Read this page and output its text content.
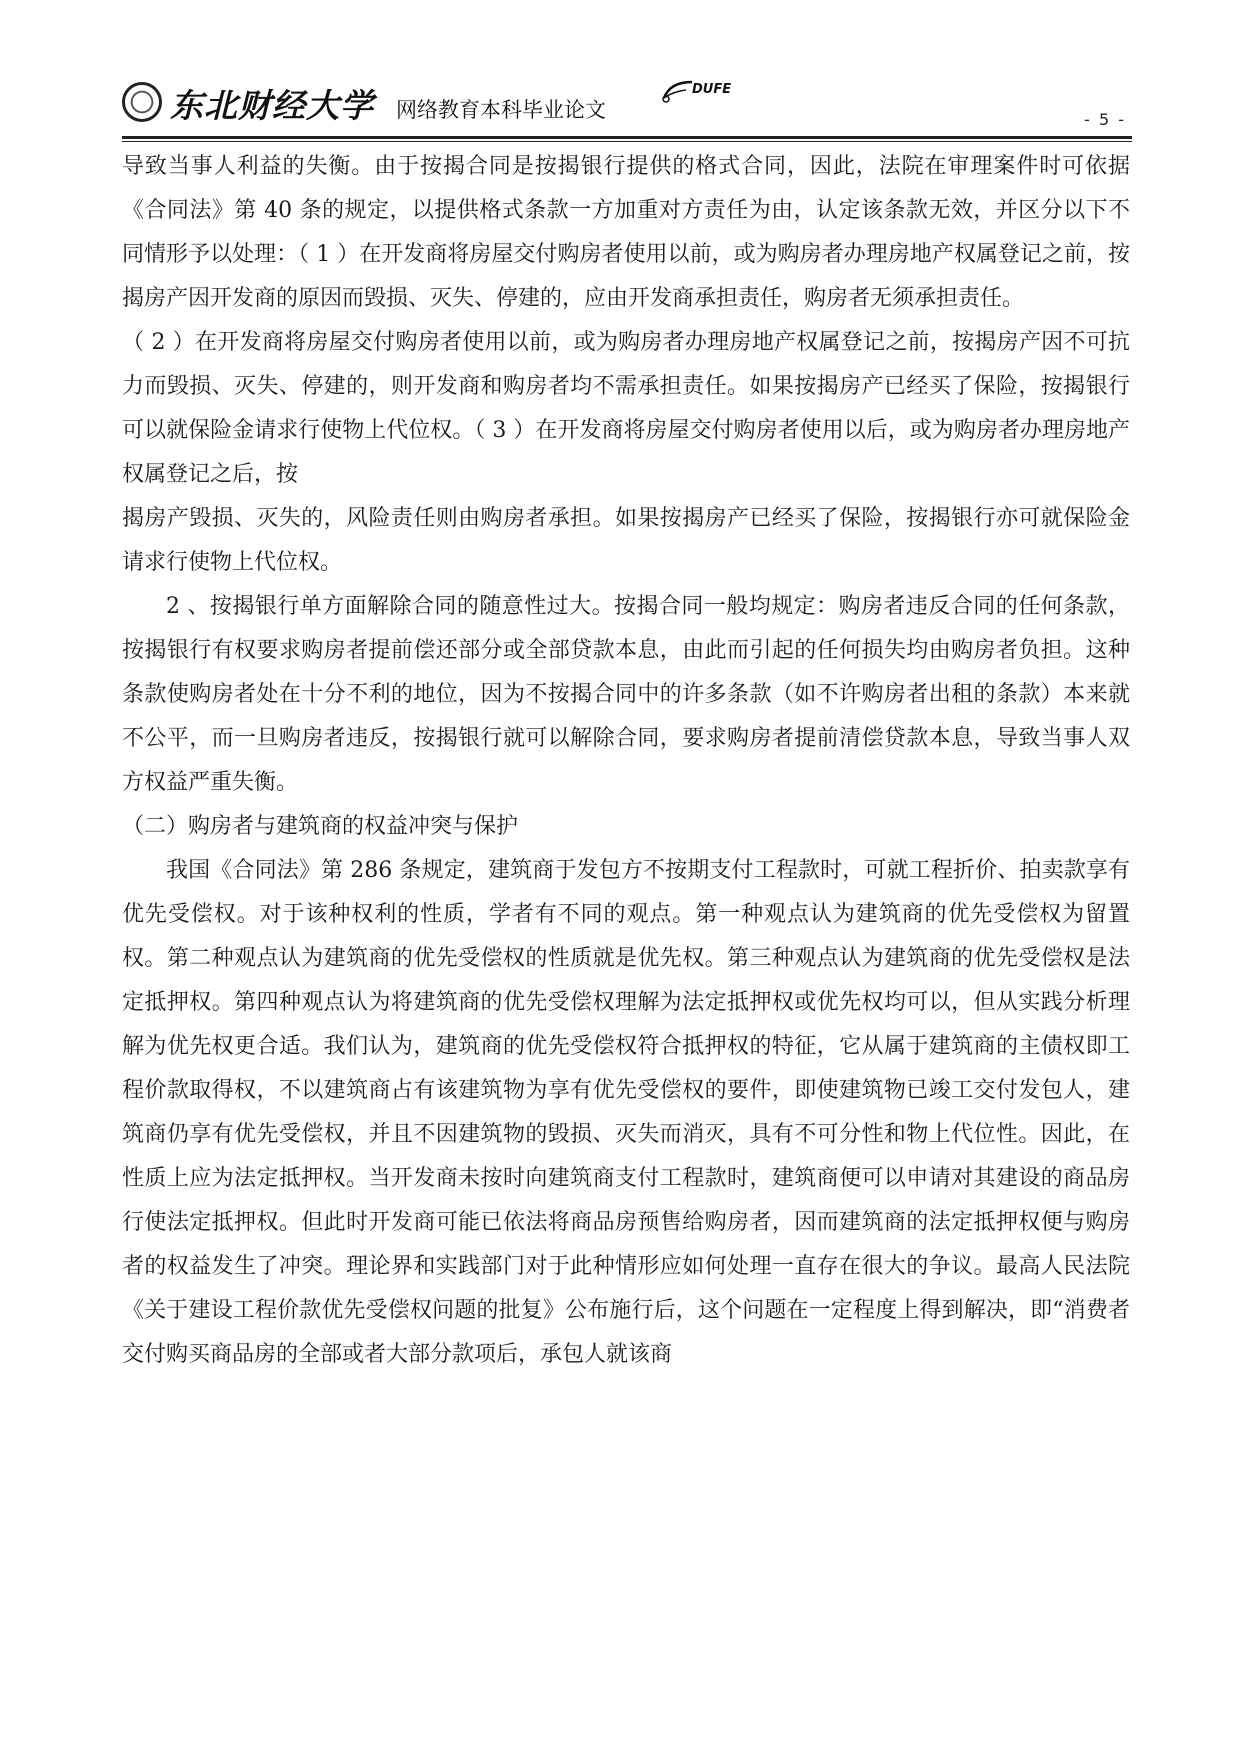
东北财经大学 网络教育本科毕业论文
DUFE
- 5 -

导致当事人利益的失衡。由于按揭合同是按揭银行提供的格式合同，因此，法院在审理案件时可依据《合同法》第 40 条的规定，以提供格式条款一方加重对方责任为由，认定该条款无效，并区分以下不同情形予以处理：（ 1 ）在开发商将房屋交付购房者使用以前，或为购房者办理房地产权属登记之前，按揭房产因开发商的原因而毁损、灭失、停建的，应由开发商承担责任，购房者无须承担责任。

（ 2 ）在开发商将房屋交付购房者使用以前，或为购房者办理房地产权属登记之前，按揭房产因不可抗力而毁损、灭失、停建的，则开发商和购房者均不需承担责任。如果按揭房产已经买了保险，按揭银行可以就保险金请求行使物上代位权。（ 3 ）在开发商将房屋交付购房者使用以后，或为购房者办理房地产权属登记之后，按

揭房产毁损、灭失的，风险责任则由购房者承担。如果按揭房产已经买了保险，按揭银行亦可就保险金请求行使物上代位权。

2 、按揭银行单方面解除合同的随意性过大。按揭合同一般均规定：购房者违反合同的任何条款，按揭银行有权要求购房者提前偿还部分或全部贷款本息，由此而引起的任何损失均由购房者负担。这种条款使购房者处在十分不利的地位，因为不按揭合同中的许多条款（如不许购房者出租的条款）本来就不公平，而一旦购房者违反，按揭银行就可以解除合同，要求购房者提前清偿贷款本息，导致当事人双方权益严重失衡。

（二）购房者与建筑商的权益冲突与保护

我国《合同法》第 286 条规定，建筑商于发包方不按期支付工程款时，可就工程折价、拍卖款享有优先受偿权。对于该种权利的性质，学者有不同的观点。第一种观点认为建筑商的优先受偿权为留置权。第二种观点认为建筑商的优先受偿权的性质就是优先权。第三种观点认为建筑商的优先受偿权是法定抵押权。第四种观点认为将建筑商的优先受偿权理解为法定抵押权或优先权均可以，但从实践分析理解为优先权更合适。我们认为，建筑商的优先受偿权符合抵押权的特征，它从属于建筑商的主债权即工程价款取得权，不以建筑商占有该建筑物为享有优先受偿权的要件，即使建筑物已竣工交付发包人，建筑商仍享有优先受偿权，并且不因建筑物的毁损、灭失而消灭，具有不可分性和物上代位性。因此，在性质上应为法定抵押权。当开发商未按时向建筑商支付工程款时，建筑商便可以申请对其建设的商品房行使法定抵押权。但此时开发商可能已依法将商品房预售给购房者，因而建筑商的法定抵押权便与购房者的权益发生了冲突。理论界和实践部门对于此种情形应如何处理一直存在很大的争议。最高人民法院《关于建设工程价款优先受偿权问题的批复》公布施行后，这个问题在一定程度上得到解决，即“消费者交付购买商品房的全部或者大部分款项后，承包人就该商
